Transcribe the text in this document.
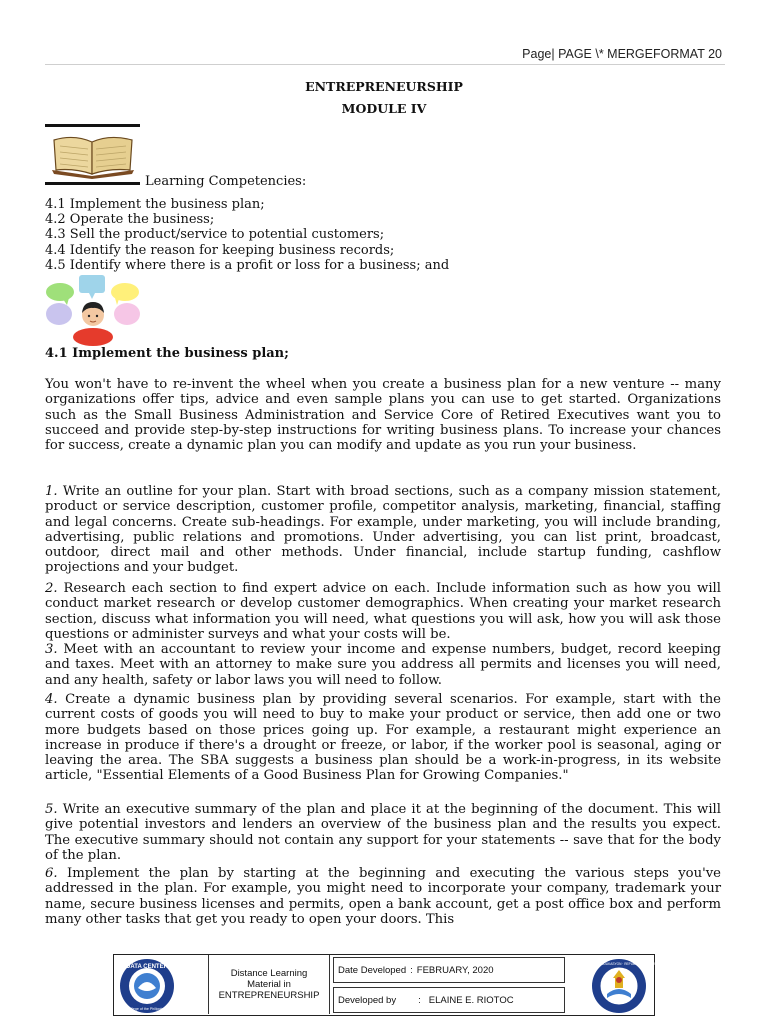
Page| PAGE \* MERGEFORMAT 20
ENTREPRENEURSHIP
MODULE IV
Learning Competencies:
4.1 Implement the business plan;
4.2 Operate the business;
4.3 Sell the product/service to potential customers;
4.4 Identify the reason for keeping business records;
4.5 Identify where there is a profit or loss for a business; and
4.1 Implement the business plan;
You won't have to re-invent the wheel when you create a business plan for a new venture -- many organizations offer tips, advice and even sample plans you can use to get started. Organizations such as the Small Business Administration and Service Core of Retired Executives want you to succeed and provide step-by-step instructions for writing business plans. To increase your chances for success, create a dynamic plan you can modify and update as you run your business.
1. Write an outline for your plan. Start with broad sections, such as a company mission statement, product or service description, customer profile, competitor analysis, marketing, financial, staffing and legal concerns. Create sub-headings. For example, under marketing, you will include branding, advertising, public relations and promotions. Under advertising, you can list print, broadcast, outdoor, direct mail and other methods. Under financial, include startup funding, cashflow projections and your budget.
2. Research each section to find expert advice on each. Include information such as how you will conduct market research or develop customer demographics. When creating your market research section, discuss what information you will need, what questions you will ask, how you will ask those questions or administer surveys and what your costs will be.
3. Meet with an accountant to review your income and expense numbers, budget, record keeping and taxes. Meet with an attorney to make sure you address all permits and licenses you will need, and any health, safety or labor laws you will need to follow.
4. Create a dynamic business plan by providing several scenarios. For example, start with the current costs of goods you will need to buy to make your product or service, then add one or two more budgets based on those prices going up. For example, a restaurant might experience an increase in produce if there's a drought or freeze, or labor, if the worker pool is seasonal, aging or leaving the area. The SBA suggests a business plan should be a work-in-progress, in its website article, "Essential Elements of a Good Business Plan for Growing Companies."
5. Write an executive summary of the plan and place it at the beginning of the document. This will give potential investors and lenders an overview of the business plan and the results you expect. The executive summary should not contain any support for your statements -- save that for the body of the plan.
6. Implement the plan by starting at the beginning and executing the various steps you've addressed in the plan. For example, you might need to incorporate your company, trademark your name, secure business licenses and permits, open a bank account, get a post office box and perform many other tasks that get you ready to open your doors. This
DATA CENTER
College of the Philippines
Distance Learning
Material in
ENTREPRENEURSHIP
Date Developed : FEBRUARY, 2020
Developed by : ELAINE E. RIOTOC
KAGAWARAN NG EDUKASYON · REPUBLIKA NG PILIPINAS
